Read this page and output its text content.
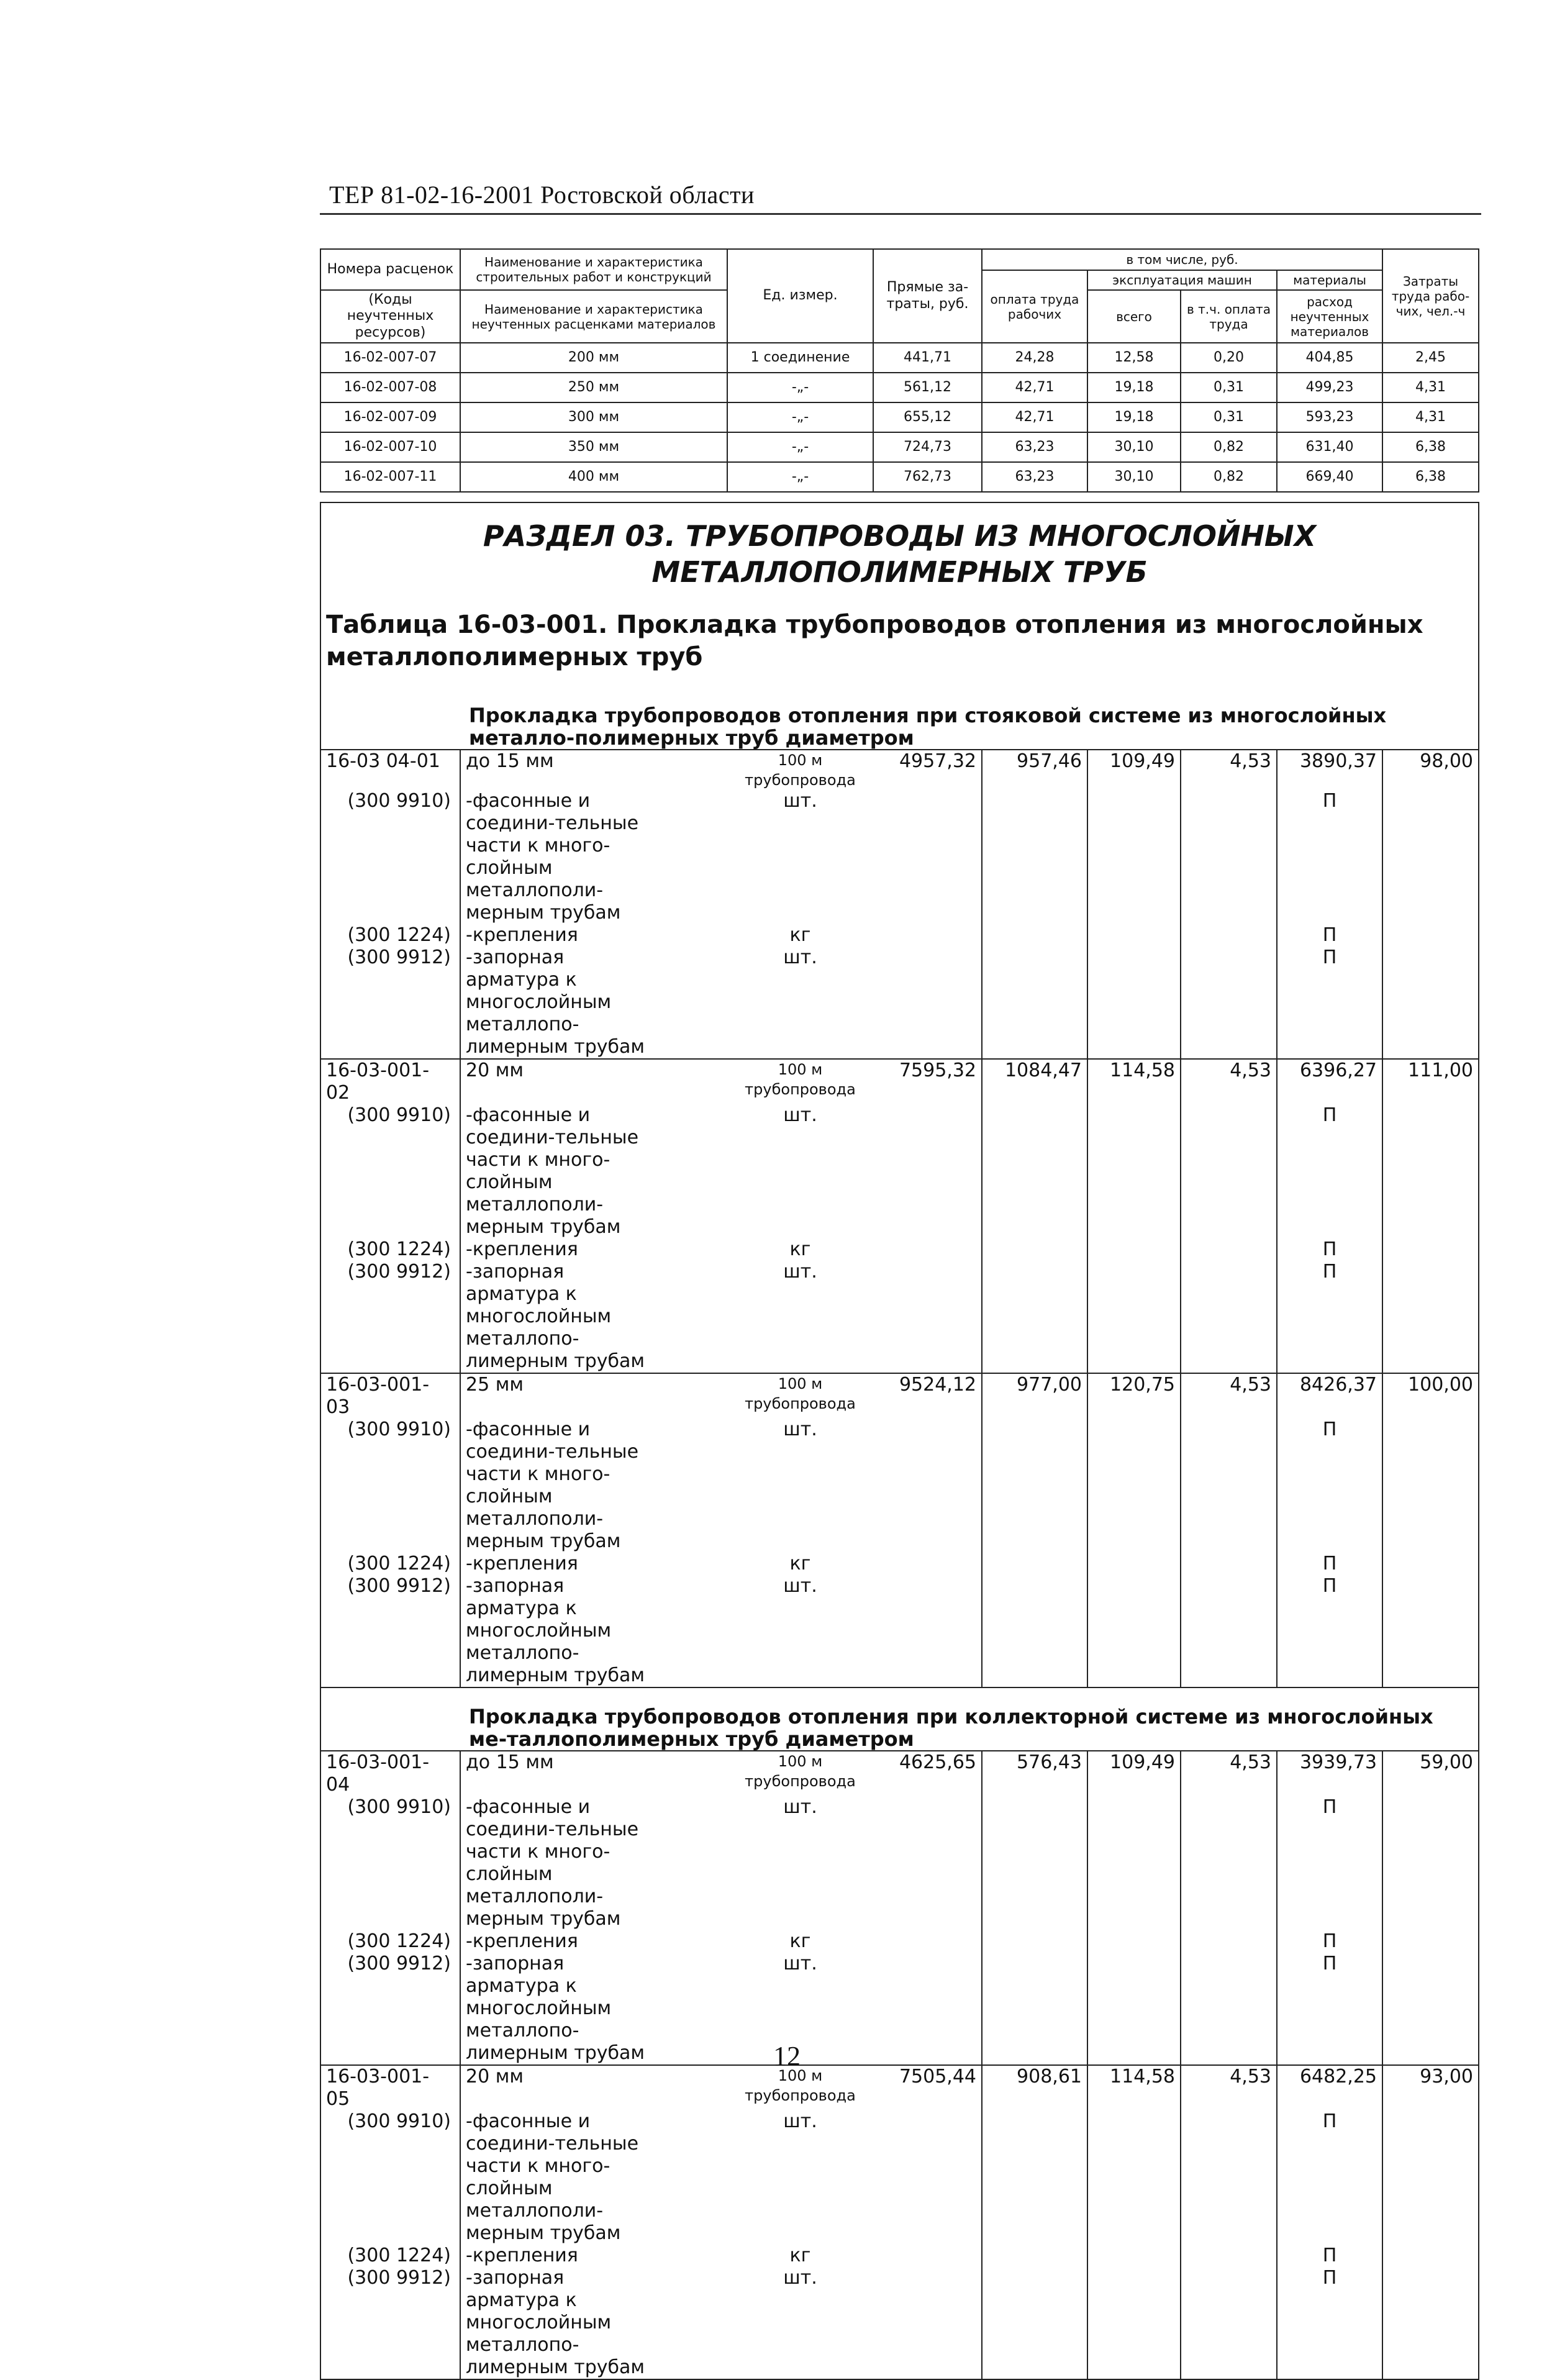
ТЕР 81-02-16-2001 Ростовской области
Номера расценок	Наименование и характеристика строительных работ и конструкций	Ед. измер.	Прямые за-траты, руб.	в том числе, руб.				Затраты труда рабо-чих, чел.-ч
				оплата труда рабочих	эксплуатация машин		материалы	
(Коды неучтенных ресурсов)	Наименование и характеристика неучтенных расценками материалов				всего	в т.ч. оплата труда	расход неучтенных материалов	

16-02-007-07	200 мм	1 соединение	441,71	24,28	12,58	0,20	404,85	2,45
16-02-007-08	250 мм	-„-	561,12	42,71	19,18	0,31	499,23	4,31
16-02-007-09	300 мм	-„-	655,12	42,71	19,18	0,31	593,23	4,31
16-02-007-10	350 мм	-„-	724,73	63,23	30,10	0,82	631,40	6,38
16-02-007-11	400 мм	-„-	762,73	63,23	30,10	0,82	669,40	6,38
РАЗДЕЛ 03. ТРУБОПРОВОДЫ ИЗ МНОГОСЛОЙНЫХ МЕТАЛЛОПОЛИМЕРНЫХ ТРУБ
Таблица 16-03-001. Прокладка трубопроводов отопления из многослойных металлополимерных труб
Прокладка трубопроводов отопления при стояковой системе из многослойных металло-полимерных труб диаметром								

16-03 04-01	до 15 мм	100 м трубопровода	4957,32	957,46	109,49	4,53	3890,37	98,00
(300 9910)	-фасонные и соедини-тельные части к много-слойным металлополи-мерным трубам	шт.					П	
(300 1224)	-крепления	кг					П	
(300 9912)	-запорная арматура к многослойным металлопо-лимерным трубам	шт.					П	
16-03-001-02	20 мм	100 м трубопровода	7595,32	1084,47	114,58	4,53	6396,27	111,00
(300 9910)	-фасонные и соедини-тельные части к много-слойным металлополи-мерным трубам	шт.					П	
(300 1224)	-крепления	кг					П	
(300 9912)	-запорная арматура к многослойным металлопо-лимерным трубам	шт.					П	
16-03-001-03	25 мм	100 м трубопровода	9524,12	977,00	120,75	4,53	8426,37	100,00
(300 9910)	-фасонные и соедини-тельные части к много-слойным металлополи-мерным трубам	шт.					П	
(300 1224)	-крепления	кг					П	
(300 9912)	-запорная арматура к многослойным металлопо-лимерным трубам	шт.					П	

Прокладка трубопроводов отопления при коллекторной системе из многослойных ме-таллополимерных труб диаметром								

16-03-001-04	до 15 мм	100 м трубопровода	4625,65	576,43	109,49	4,53	3939,73	59,00
(300 9910)	-фасонные и соедини-тельные части к много-слойным металлополи-мерным трубам	шт.					П	
(300 1224)	-крепления	кг					П	
(300 9912)	-запорная арматура к многослойным металлопо-лимерным трубам	шт.					П	
16-03-001-05	20 мм	100 м трубопровода	7505,44	908,61	114,58	4,53	6482,25	93,00
(300 9910)	-фасонные и соедини-тельные части к много-слойным металлополи-мерным трубам	шт.					П	
(300 1224)	-крепления	кг					П	
(300 9912)	-запорная арматура к многослойным металлопо-лимерным трубам	шт.					П	
12
